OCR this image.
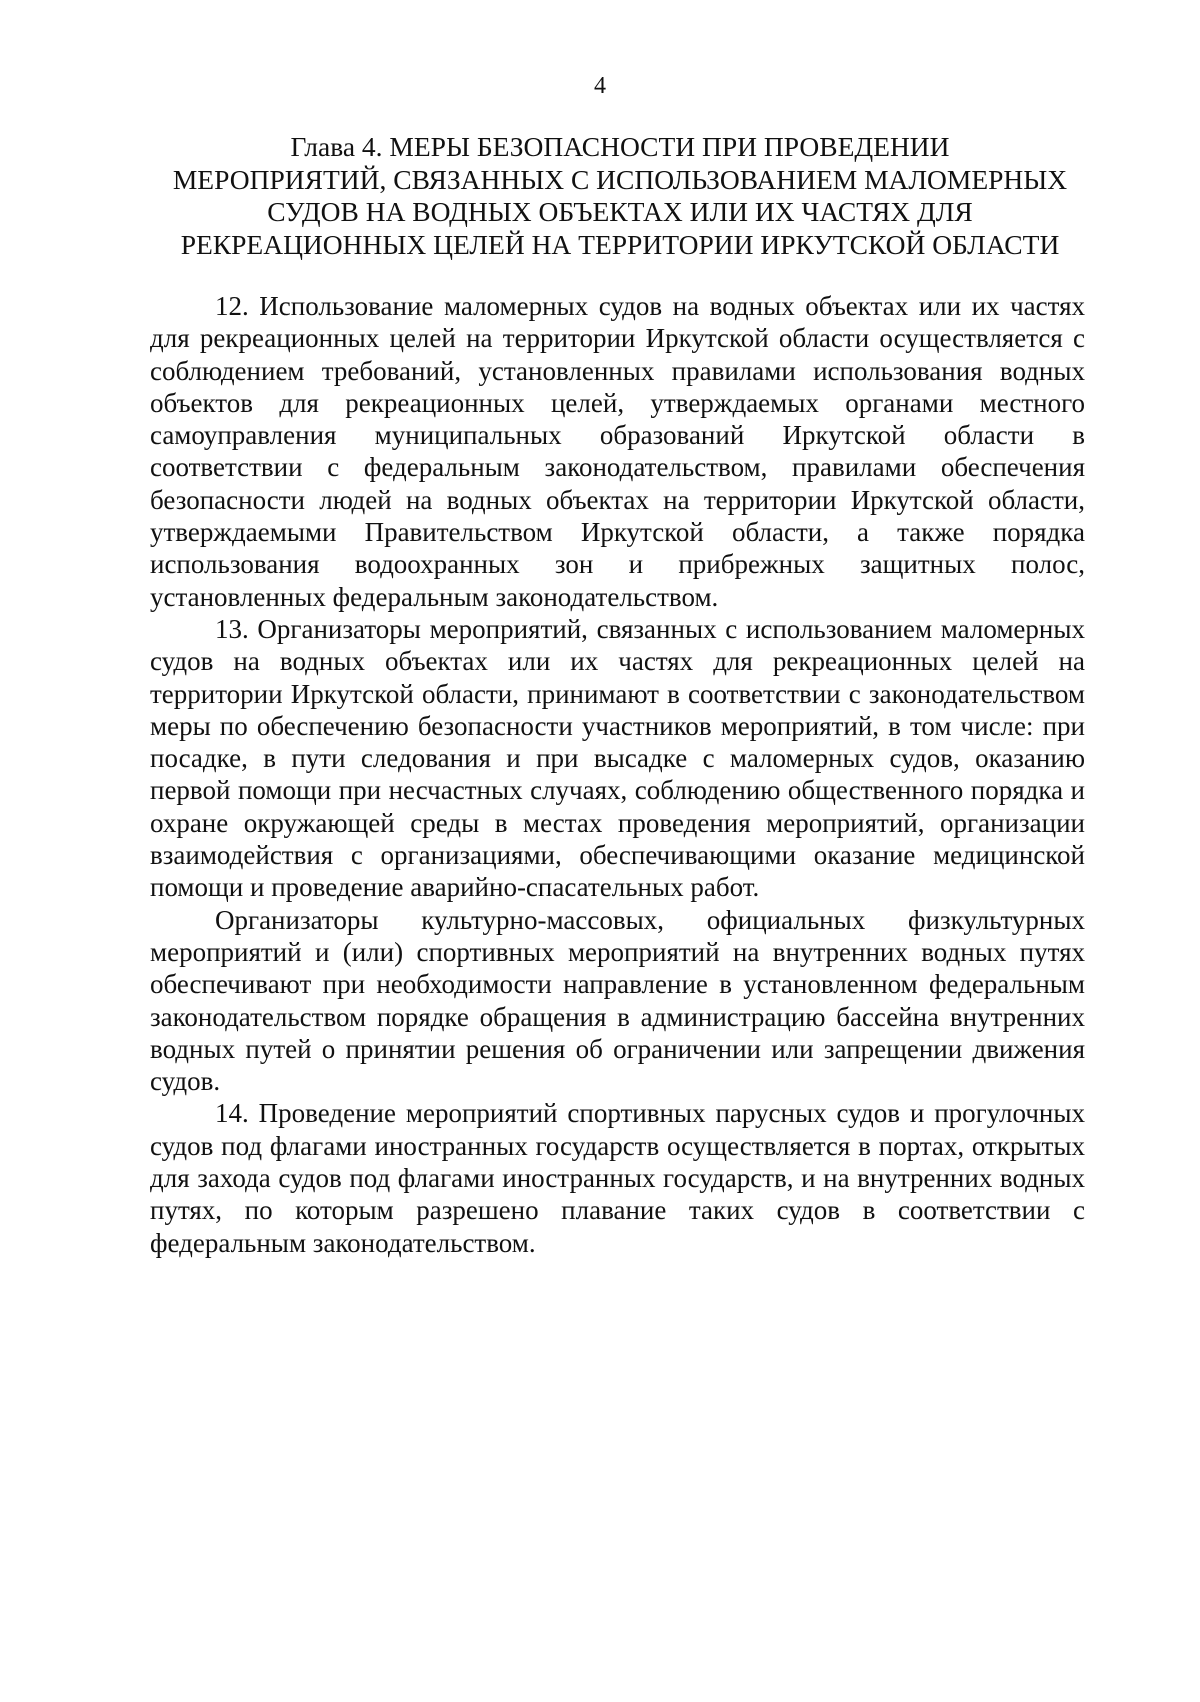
4
Глава 4. МЕРЫ БЕЗОПАСНОСТИ ПРИ ПРОВЕДЕНИИ
МЕРОПРИЯТИЙ, СВЯЗАННЫХ С ИСПОЛЬЗОВАНИЕМ МАЛОМЕРНЫХ
СУДОВ НА ВОДНЫХ ОБЪЕКТАХ ИЛИ ИХ ЧАСТЯХ ДЛЯ
РЕКРЕАЦИОННЫХ ЦЕЛЕЙ НА ТЕРРИТОРИИ ИРКУТСКОЙ ОБЛАСТИ

12. Использование маломерных судов на водных объектах или их частях для рекреационных целей на территории Иркутской области осуществляется с соблюдением требований, установленных правилами использования водных объектов для рекреационных целей, утверждаемых органами местного самоуправления муниципальных образований Иркутской области в соответствии с федеральным законодательством, правилами обеспечения безопасности людей на водных объектах на территории Иркутской области, утверждаемыми Правительством Иркутской области, а также порядка использования водоохранных зон и прибрежных защитных полос, установленных федеральным законодательством.

13. Организаторы мероприятий, связанных с использованием маломерных судов на водных объектах или их частях для рекреационных целей на территории Иркутской области, принимают в соответствии с законодательством меры по обеспечению безопасности участников мероприятий, в том числе: при посадке, в пути следования и при высадке с маломерных судов, оказанию первой помощи при несчастных случаях, соблюдению общественного порядка и охране окружающей среды в местах проведения мероприятий, организации взаимодействия с организациями, обеспечивающими оказание медицинской помощи и проведение аварийно-спасательных работ.

Организаторы культурно-массовых, официальных физкультурных мероприятий и (или) спортивных мероприятий на внутренних водных путях обеспечивают при необходимости направление в установленном федеральным законодательством порядке обращения в администрацию бассейна внутренних водных путей о принятии решения об ограничении или запрещении движения судов.

14. Проведение мероприятий спортивных парусных судов и прогулочных судов под флагами иностранных государств осуществляется в портах, открытых для захода судов под флагами иностранных государств, и на внутренних водных путях, по которым разрешено плавание таких судов в соответствии с федеральным законодательством.
